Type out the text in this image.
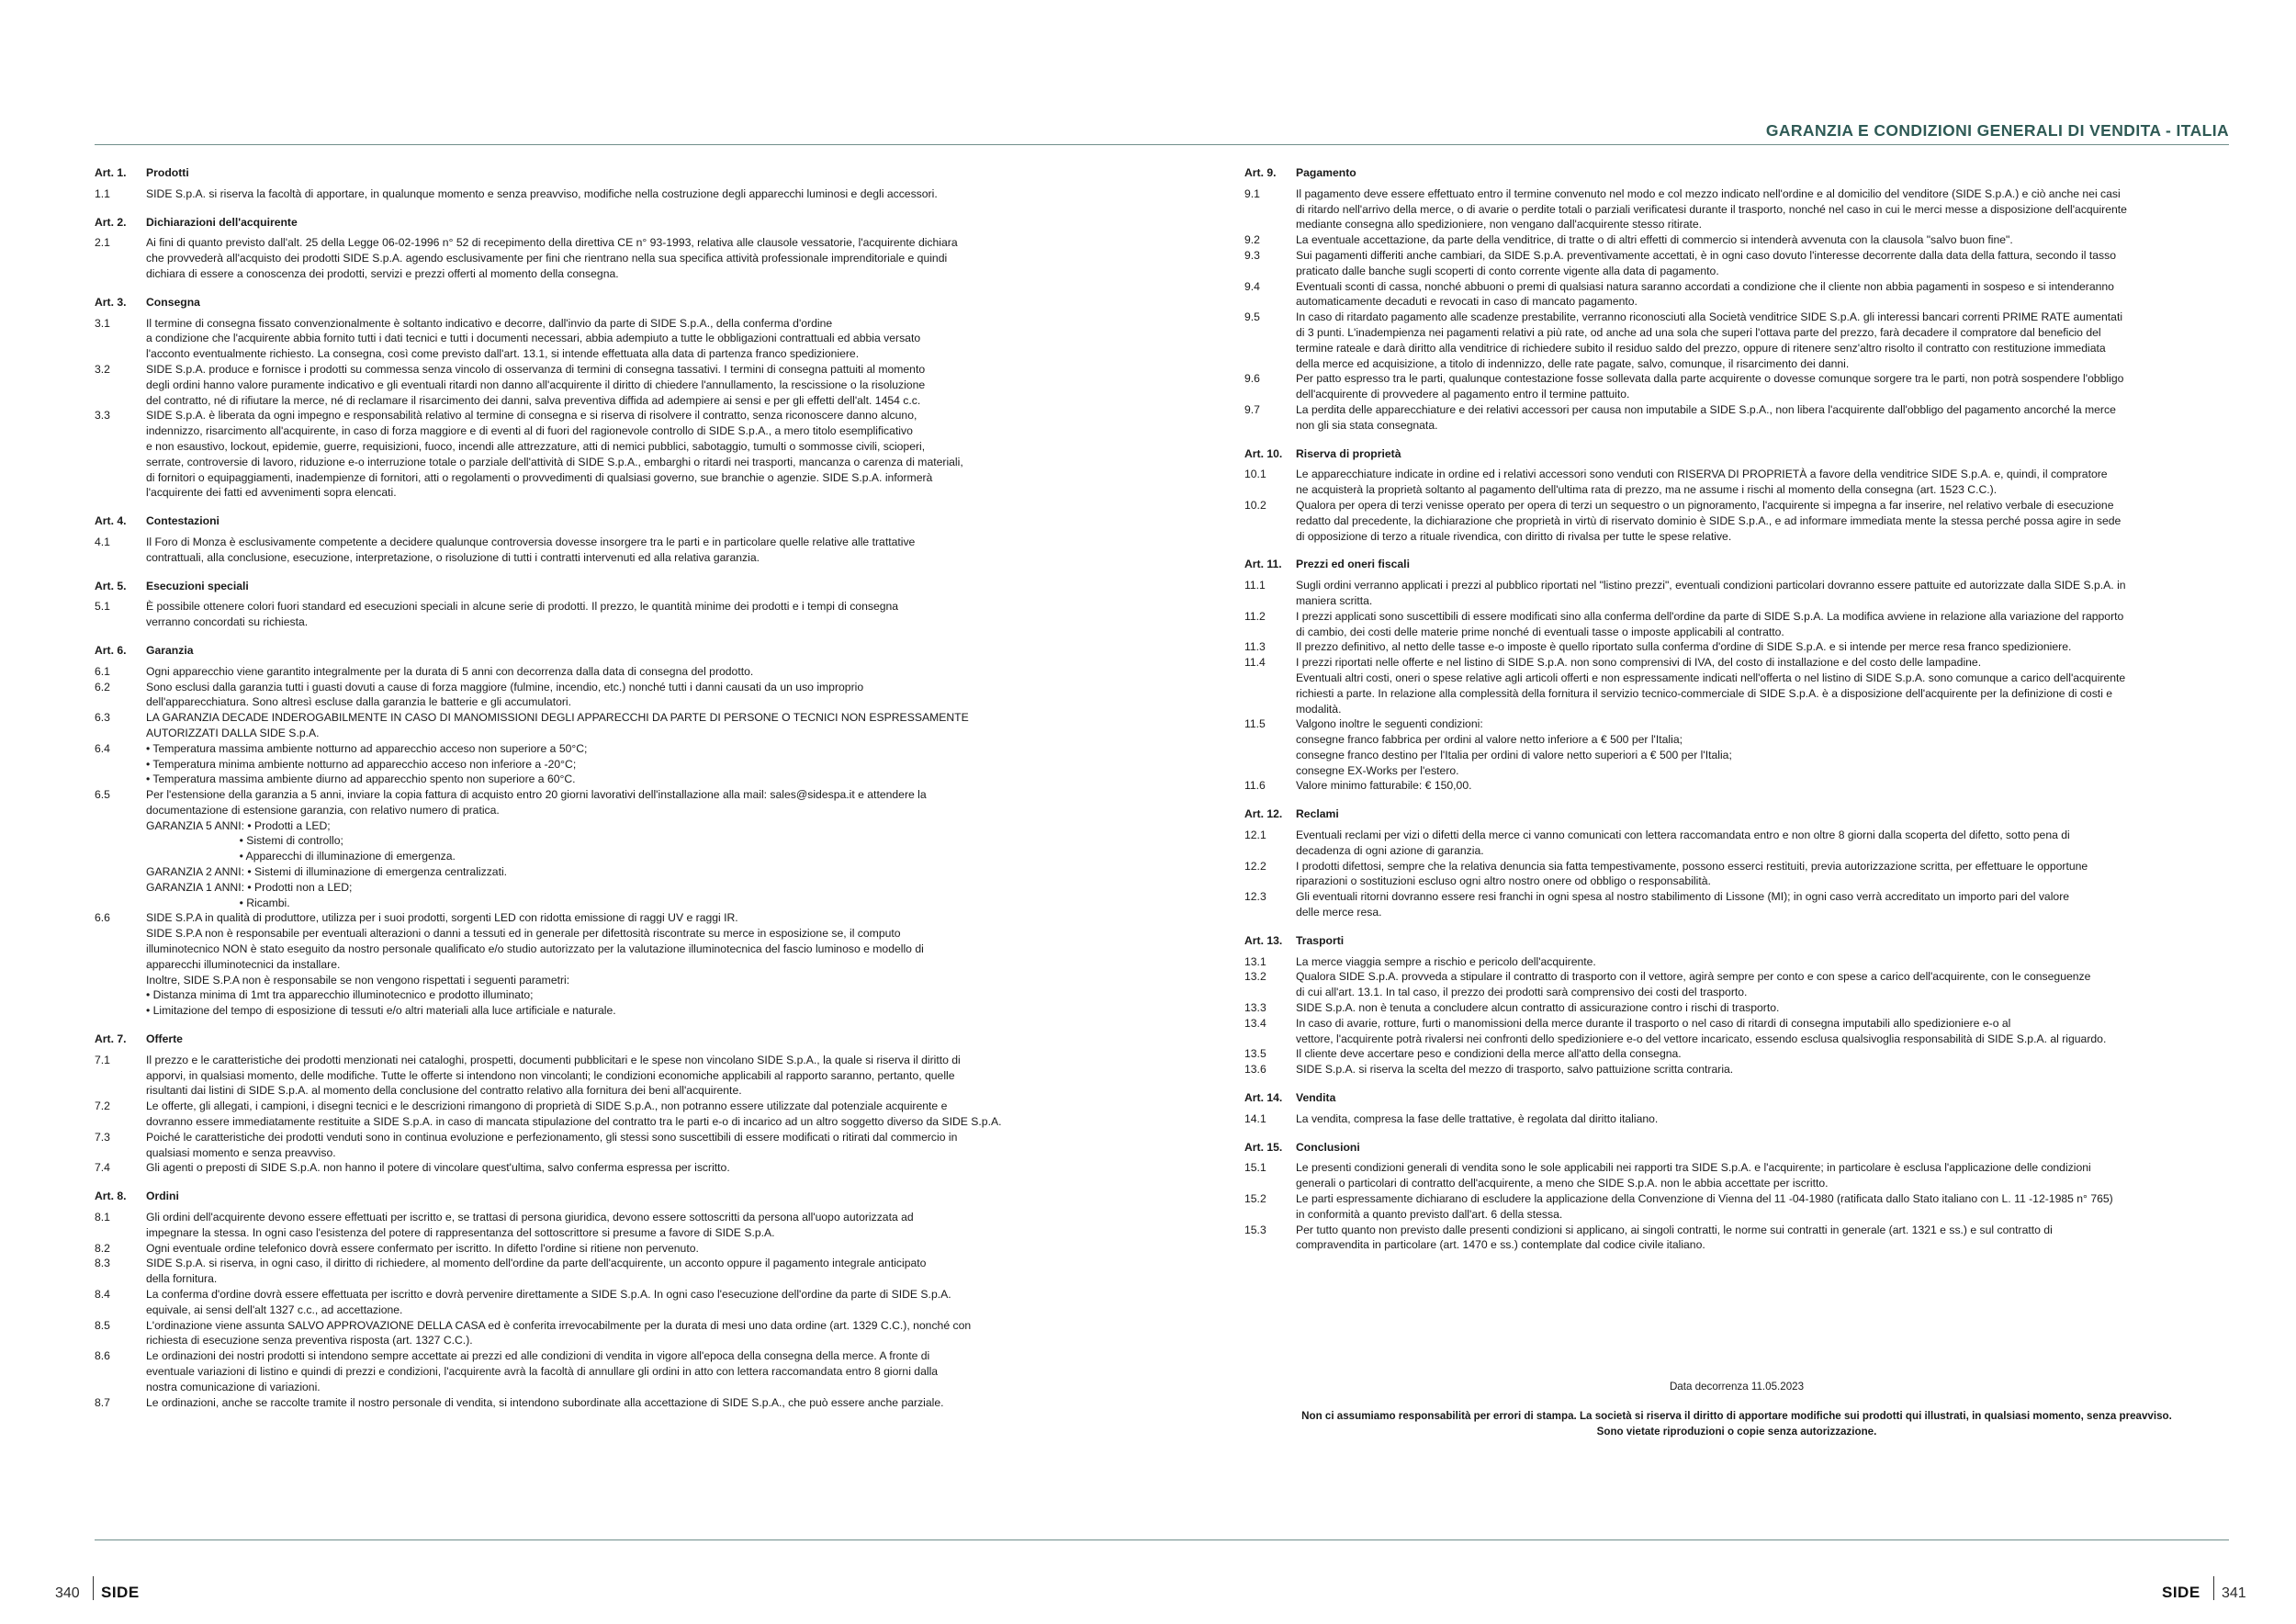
GARANZIA E CONDIZIONI GENERALI DI VENDITA - ITALIA
Art. 1.	Prodotti
1.1	SIDE S.p.A. si riserva la facoltà di apportare, in qualunque momento e senza preavviso, modifiche nella costruzione degli apparecchi luminosi e degli accessori.
Art. 2.	Dichiarazioni dell'acquirente
2.1	Ai fini di quanto previsto dall'alt. 25 della Legge 06-02-1996 n° 52 di recepimento della direttiva CE n° 93-1993, relativa alle clausole vessatorie, l'acquirente dichiara
che provvederà all'acquisto dei prodotti SIDE S.p.A. agendo esclusivamente per fini che rientrano nella sua specifica attività professionale imprenditoriale e quindi
dichiara di essere a conoscenza dei prodotti, servizi e prezzi offerti al momento della consegna.
Art. 3.	Consegna
3.1	Il termine di consegna fissato convenzionalmente è soltanto indicativo e decorre, dall'invio da parte di SIDE S.p.A., della conferma d'ordine
a condizione che l'acquirente abbia fornito tutti i dati tecnici e tutti i documenti necessari, abbia adempiuto a tutte le obbligazioni contrattuali ed abbia versato
l'acconto eventualmente richiesto. La consegna, così come previsto dall'art. 13.1, si intende effettuata alla data di partenza franco spedizioniere.
3.2	SIDE S.p.A. produce e fornisce i prodotti su commessa senza vincolo di osservanza di termini di consegna tassativi. I termini di consegna pattuiti al momento
degli ordini hanno valore puramente indicativo e gli eventuali ritardi non danno all'acquirente il diritto di chiedere l'annullamento, la rescissione o la risoluzione
del contratto, né di rifiutare la merce, né di reclamare il risarcimento dei danni, salva preventiva diffida ad adempiere ai sensi e per gli effetti dell'alt. 1454 c.c.
3.3	SIDE S.p.A. è liberata da ogni impegno e responsabilità relativo al termine di consegna e si riserva di risolvere il contratto, senza riconoscere danno alcuno,
indennizzo, risarcimento all'acquirente, in caso di forza maggiore e di eventi al di fuori del ragionevole controllo di SIDE S.p.A., a mero titolo esemplificativo
e non esaustivo, lockout, epidemie, guerre, requisizioni, fuoco, incendi alle attrezzature, atti di nemici pubblici, sabotaggio, tumulti o sommosse civili, scioperi,
serrate, controversie di lavoro, riduzione e-o interruzione totale o parziale dell'attività di SIDE S.p.A., embarghi o ritardi nei trasporti, mancanza o carenza di materiali,
di fornitori o equipaggiamenti, inadempienze di fornitori, atti o regolamenti o provvedimenti di qualsiasi governo, sue branchie o agenzie. SIDE S.p.A. informerà
l'acquirente dei fatti ed avvenimenti sopra elencati.
Art. 4.	Contestazioni
4.1	Il Foro di Monza è esclusivamente competente a decidere qualunque controversia dovesse insorgere tra le parti e in particolare quelle relative alle trattative
contrattuali, alla conclusione, esecuzione, interpretazione, o risoluzione di tutti i contratti intervenuti ed alla relativa garanzia.
Art. 5.	Esecuzioni speciali
5.1	È possibile ottenere colori fuori standard ed esecuzioni speciali in alcune serie di prodotti. Il prezzo, le quantità minime dei prodotti e i tempi di consegna
verranno concordati su richiesta.
Art. 6.	Garanzia
6.1	Ogni apparecchio viene garantito integralmente per la durata di 5 anni con decorrenza dalla data di consegna del prodotto.
6.2	Sono esclusi dalla garanzia tutti i guasti dovuti a cause di forza maggiore (fulmine, incendio, etc.) nonché tutti i danni causati da un uso improprio
dell'apparecchiatura. Sono altresì escluse dalla garanzia le batterie e gli accumulatori.
6.3	LA GARANZIA DECADE INDEROGABILMENTE IN CASO DI MANOMISSIONI DEGLI APPARECCHI DA PARTE DI PERSONE O TECNICI NON ESPRESSAMENTE
AUTORIZZATI DALLA SIDE S.p.A.
6.4	• Temperatura massima ambiente notturno ad apparecchio acceso non superiore a 50°C;
• Temperatura minima ambiente notturno ad apparecchio acceso non inferiore a -20°C;
• Temperatura massima ambiente diurno ad apparecchio spento non superiore a 60°C.
6.5	Per l'estensione della garanzia a 5 anni, inviare la copia fattura di acquisto entro 20 giorni lavorativi dell'installazione alla mail: sales@sidespa.it e attendere la
documentazione di estensione garanzia, con relativo numero di pratica.
GARANZIA 5 ANNI: • Prodotti a LED;
• Sistemi di controllo;
• Apparecchi di illuminazione di emergenza.
GARANZIA 2 ANNI: • Sistemi di illuminazione di emergenza centralizzati.
GARANZIA 1 ANNI: • Prodotti non a LED;
• Ricambi.
6.6	SIDE S.P.A in qualità di produttore, utilizza per i suoi prodotti, sorgenti LED con ridotta emissione di raggi UV e raggi IR.
SIDE S.P.A non è responsabile per eventuali alterazioni o danni a tessuti ed in generale per difettosità riscontrate su merce in esposizione se, il computo
illuminotecnico NON è stato eseguito da nostro personale qualificato e/o studio autorizzato per la valutazione illuminotecnica del fascio luminoso e modello di
apparecchi illuminotecnici da installare.
Inoltre, SIDE S.P.A non è responsabile se non vengono rispettati i seguenti parametri:
• Distanza minima di 1mt tra apparecchio illuminotecnico e prodotto illuminato;
• Limitazione del tempo di esposizione di tessuti e/o altri materiali alla luce artificiale e naturale.
Art. 7.	Offerte
7.1	Il prezzo e le caratteristiche dei prodotti menzionati nei cataloghi, prospetti, documenti pubblicitari e le spese non vincolano SIDE S.p.A., la quale si riserva il diritto di
apporvi, in qualsiasi momento, delle modifiche. Tutte le offerte si intendono non vincolanti; le condizioni economiche applicabili al rapporto saranno, pertanto, quelle
risultanti dai listini di SIDE S.p.A. al momento della conclusione del contratto relativo alla fornitura dei beni all'acquirente.
7.2	Le offerte, gli allegati, i campioni, i disegni tecnici e le descrizioni rimangono di proprietà di SIDE S.p.A., non potranno essere utilizzate dal potenziale acquirente e
dovranno essere immediatamente restituite a SIDE S.p.A. in caso di mancata stipulazione del contratto tra le parti e-o di incarico ad un altro soggetto diverso da SIDE S.p.A.
7.3	Poiché le caratteristiche dei prodotti venduti sono in continua evoluzione e perfezionamento, gli stessi sono suscettibili di essere modificati o ritirati dal commercio in
qualsiasi momento e senza preavviso.
7.4	Gli agenti o preposti di SIDE S.p.A. non hanno il potere di vincolare quest'ultima, salvo conferma espressa per iscritto.
Art. 8.	Ordini
8.1	Gli ordini dell'acquirente devono essere effettuati per iscritto e, se trattasi di persona giuridica, devono essere sottoscritti da persona all'uopo autorizzata ad
impegnare la stessa. In ogni caso l'esistenza del potere di rappresentanza del sottoscrittore si presume a favore di SIDE S.p.A.
8.2	Ogni eventuale ordine telefonico dovrà essere confermato per iscritto. In difetto l'ordine si ritiene non pervenuto.
8.3	SIDE S.p.A. si riserva, in ogni caso, il diritto di richiedere, al momento dell'ordine da parte dell'acquirente, un acconto oppure il pagamento integrale anticipato
della fornitura.
8.4	La conferma d'ordine dovrà essere effettuata per iscritto e dovrà pervenire direttamente a SIDE S.p.A. In ogni caso l'esecuzione dell'ordine da parte di SIDE S.p.A.
equivale, ai sensi dell'alt 1327 c.c., ad accettazione.
8.5	L'ordinazione viene assunta SALVO APPROVAZIONE DELLA CASA ed è conferita irrevocabilmente per la durata di mesi uno data ordine (art. 1329 C.C.), nonché con
richiesta di esecuzione senza preventiva risposta (art. 1327 C.C.).
8.6	Le ordinazioni dei nostri prodotti si intendono sempre accettate ai prezzi ed alle condizioni di vendita in vigore all'epoca della consegna della merce. A fronte di
eventuale variazioni di listino e quindi di prezzi e condizioni, l'acquirente avrà la facoltà di annullare gli ordini in atto con lettera raccomandata entro 8 giorni dalla
nostra comunicazione di variazioni.
8.7	Le ordinazioni, anche se raccolte tramite il nostro personale di vendita, si intendono subordinate alla accettazione di SIDE S.p.A., che può essere anche parziale.
Art. 9.	Pagamento
9.1	Il pagamento deve essere effettuato entro il termine convenuto nel modo e col mezzo indicato nell'ordine e al domicilio del venditore (SIDE S.p.A.) e ciò anche nei casi
di ritardo nell'arrivo della merce, o di avarie o perdite totali o parziali verificatesi durante il trasporto, nonché nel caso in cui le merci messe a disposizione dell'acquirente
mediante consegna allo spedizioniere, non vengano dall'acquirente stesso ritirate.
9.2	La eventuale accettazione, da parte della venditrice, di tratte o di altri effetti di commercio si intenderà avvenuta con la clausola "salvo buon fine".
9.3	Sui pagamenti differiti anche cambiari, da SIDE S.p.A. preventivamente accettati, è in ogni caso dovuto l'interesse decorrente dalla data della fattura, secondo il tasso
praticato dalle banche sugli scoperti di conto corrente vigente alla data di pagamento.
9.4	Eventuali sconti di cassa, nonché abbuoni o premi di qualsiasi natura saranno accordati a condizione che il cliente non abbia pagamenti in sospeso e si intenderanno
automaticamente decaduti e revocati in caso di mancato pagamento.
9.5	In caso di ritardato pagamento alle scadenze prestabilite, verranno riconosciuti alla Società venditrice SIDE S.p.A. gli interessi bancari correnti PRIME RATE aumentati
di 3 punti. L'inadempienza nei pagamenti relativi a più rate, od anche ad una sola che superi l'ottava parte del prezzo, farà decadere il compratore dal beneficio del
termine rateale e darà diritto alla venditrice di richiedere subito il residuo saldo del prezzo, oppure di ritenere senz'altro risolto il contratto con restituzione immediata
della merce ed acquisizione, a titolo di indennizzo, delle rate pagate, salvo, comunque, il risarcimento dei danni.
9.6	Per patto espresso tra le parti, qualunque contestazione fosse sollevata dalla parte acquirente o dovesse comunque sorgere tra le parti, non potrà sospendere l'obbligo
dell'acquirente di provvedere al pagamento entro il termine pattuito.
9.7	La perdita delle apparecchiature e dei relativi accessori per causa non imputabile a SIDE S.p.A., non libera l'acquirente dall'obbligo del pagamento ancorché la merce
non gli sia stata consegnata.
Art. 10.	Riserva di proprietà
10.1	Le apparecchiature indicate in ordine ed i relativi accessori sono venduti con RISERVA DI PROPRIETÀ a favore della venditrice SIDE S.p.A. e, quindi, il compratore
ne acquisterà la proprietà soltanto al pagamento dell'ultima rata di prezzo, ma ne assume i rischi al momento della consegna (art. 1523 C.C.).
10.2	Qualora per opera di terzi venisse operato per opera di terzi un sequestro o un pignoramento, l'acquirente si impegna a far inserire, nel relativo verbale di esecuzione
redatto dal precedente, la dichiarazione che proprietà in virtù di riservato dominio è SIDE S.p.A., e ad informare immediata mente la stessa perché possa agire in sede
di opposizione di terzo a rituale rivendica, con diritto di rivalsa per tutte le spese relative.
Art. 11.	Prezzi ed oneri fiscali
11.1	Sugli ordini verranno applicati i prezzi al pubblico riportati nel "listino prezzi", eventuali condizioni particolari dovranno essere pattuite ed autorizzate dalla SIDE S.p.A. in
maniera scritta.
11.2	I prezzi applicati sono suscettibili di essere modificati sino alla conferma dell'ordine da parte di SIDE S.p.A. La modifica avviene in relazione alla variazione del rapporto
di cambio, dei costi delle materie prime nonché di eventuali tasse o imposte applicabili al contratto.
11.3	Il prezzo definitivo, al netto delle tasse e-o imposte è quello riportato sulla conferma d'ordine di SIDE S.p.A. e si intende per merce resa franco spedizioniere.
11.4	I prezzi riportati nelle offerte e nel listino di SIDE S.p.A. non sono comprensivi di IVA, del costo di installazione e del costo delle lampadine.
Eventuali altri costi, oneri o spese relative agli articoli offerti e non espressamente indicati nell'offerta o nel listino di SIDE S.p.A. sono comunque a carico dell'acquirente
richiesti a parte. In relazione alla complessità della fornitura il servizio tecnico-commerciale di SIDE S.p.A. è a disposizione dell'acquirente per la definizione di costi e
modalità.
11.5	Valgono inoltre le seguenti condizioni:
consegne franco fabbrica per ordini al valore netto inferiore a € 500 per l'Italia;
consegne franco destino per l'Italia per ordini di valore netto superiori a € 500 per l'Italia;
consegne EX-Works per l'estero.
11.6	Valore minimo fatturabile: € 150,00.
Art. 12.	Reclami
12.1	Eventuali reclami per vizi o difetti della merce ci vanno comunicati con lettera raccomandata entro e non oltre 8 giorni dalla scoperta del difetto, sotto pena di
decadenza di ogni azione di garanzia.
12.2	I prodotti difettosi, sempre che la relativa denuncia sia fatta tempestivamente, possono esserci restituiti, previa autorizzazione scritta, per effettuare le opportune
riparazioni o sostituzioni escluso ogni altro nostro onere od obbligo o responsabilità.
12.3	Gli eventuali ritorni dovranno essere resi franchi in ogni spesa al nostro stabilimento di Lissone (MI); in ogni caso verrà accreditato un importo pari del valore
delle merce resa.
Art. 13.	Trasporti
13.1	La merce viaggia sempre a rischio e pericolo dell'acquirente.
13.2	Qualora SIDE S.p.A. provveda a stipulare il contratto di trasporto con il vettore, agirà sempre per conto e con spese a carico dell'acquirente, con le conseguenze
di cui all'art. 13.1. In tal caso, il prezzo dei prodotti sarà comprensivo dei costi del trasporto.
13.3	SIDE S.p.A. non è tenuta a concludere alcun contratto di assicurazione contro i rischi di trasporto.
13.4	In caso di avarie, rotture, furti o manomissioni della merce durante il trasporto o nel caso di ritardi di consegna imputabili allo spedizioniere e-o al
vettore, l'acquirente potrà rivalersi nei confronti dello spedizioniere e-o del vettore incaricato, essendo esclusa qualsivoglia responsabilità di SIDE S.p.A. al riguardo.
13.5	Il cliente deve accertare peso e condizioni della merce all'atto della consegna.
13.6	SIDE S.p.A. si riserva la scelta del mezzo di trasporto, salvo pattuizione scritta contraria.
Art. 14.	Vendita
14.1	La vendita, compresa la fase delle trattative, è regolata dal diritto italiano.
Art. 15.	Conclusioni
15.1	Le presenti condizioni generali di vendita sono le sole applicabili nei rapporti tra SIDE S.p.A. e l'acquirente; in particolare è esclusa l'applicazione delle condizioni
generali o particolari di contratto dell'acquirente, a meno che SIDE S.p.A. non le abbia accettate per iscritto.
15.2	Le parti espressamente dichiarano di escludere la applicazione della Convenzione di Vienna del 11 -04-1980 (ratificata dallo Stato italiano con L. 11 -12-1985 n° 765)
in conformità a quanto previsto dall'art. 6 della stessa.
15.3	Per tutto quanto non previsto dalle presenti condizioni si applicano, ai singoli contratti, le norme sui contratti in generale (art. 1321 e ss.) e sul contratto di
compravendita in particolare (art. 1470 e ss.) contemplate dal codice civile italiano.
Data decorrenza 11.05.2023
Non ci assumiamo responsabilità per errori di stampa. La società si riserva il diritto di apportare modifiche sui prodotti qui illustrati, in qualsiasi momento, senza preavviso.
Sono vietate riproduzioni o copie senza autorizzazione.
340 SIDE	SIDE 341
